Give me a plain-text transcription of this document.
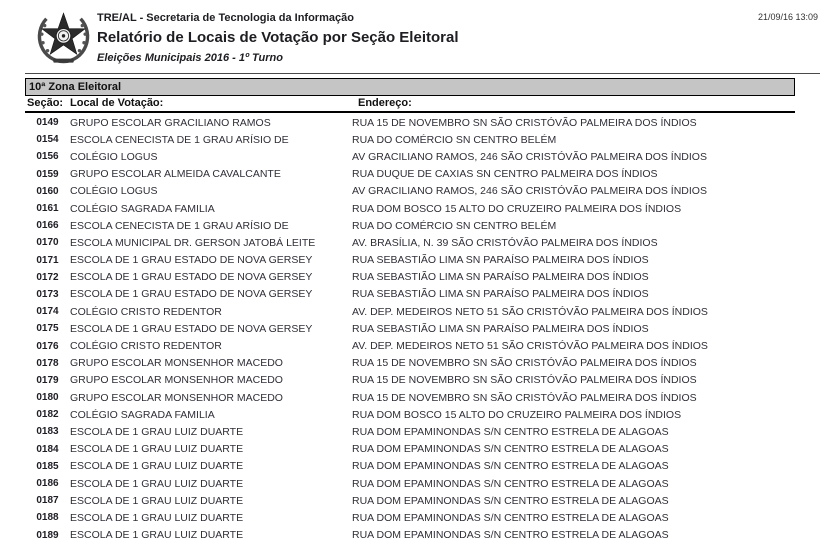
TRE/AL - Secretaria de Tecnologia da Informação
Relatório de Locais de Votação por Seção Eleitoral
Eleições Municipais 2016 - 1º Turno
21/09/16 13:09
10ª Zona Eleitoral
Seção: Local de Votação:	Endereço:
0149	GRUPO ESCOLAR GRACILIANO RAMOS	RUA 15 DE NOVEMBRO SN SÃO CRISTÓVÃO PALMEIRA DOS ÍNDIOS
0154	ESCOLA CENECISTA DE 1 GRAU ARÍSIO DE	RUA DO COMÉRCIO SN CENTRO BELÉM
0156	COLÉGIO LOGUS	AV GRACILIANO RAMOS, 246 SÃO CRISTÓVÃO PALMEIRA DOS ÍNDIOS
0159	GRUPO ESCOLAR ALMEIDA CAVALCANTE	RUA DUQUE DE CAXIAS SN CENTRO PALMEIRA DOS ÍNDIOS
0160	COLÉGIO LOGUS	AV GRACILIANO RAMOS, 246 SÃO CRISTÓVÃO PALMEIRA DOS ÍNDIOS
0161	COLÉGIO SAGRADA FAMILIA	RUA DOM BOSCO 15 ALTO DO CRUZEIRO PALMEIRA DOS ÍNDIOS
0166	ESCOLA CENECISTA DE 1 GRAU ARÍSIO DE	RUA DO COMÉRCIO SN CENTRO BELÉM
0170	ESCOLA MUNICIPAL DR. GERSON JATOBÁ LEITE	AV. BRASÍLIA, N. 39 SÃO CRISTÓVÃO PALMEIRA DOS ÍNDIOS
0171	ESCOLA DE 1 GRAU ESTADO DE NOVA GERSEY	RUA SEBASTIÃO LIMA SN PARAÍSO PALMEIRA DOS ÍNDIOS
0172	ESCOLA DE 1 GRAU ESTADO DE NOVA GERSEY	RUA SEBASTIÃO LIMA SN PARAÍSO PALMEIRA DOS ÍNDIOS
0173	ESCOLA DE 1 GRAU ESTADO DE NOVA GERSEY	RUA SEBASTIÃO LIMA SN PARAÍSO PALMEIRA DOS ÍNDIOS
0174	COLÉGIO CRISTO REDENTOR	AV. DEP. MEDEIROS NETO 51 SÃO CRISTÓVÃO PALMEIRA DOS ÍNDIOS
0175	ESCOLA DE 1 GRAU ESTADO DE NOVA GERSEY	RUA SEBASTIÃO LIMA SN PARAÍSO PALMEIRA DOS ÍNDIOS
0176	COLÉGIO CRISTO REDENTOR	AV. DEP. MEDEIROS NETO 51 SÃO CRISTÓVÃO PALMEIRA DOS ÍNDIOS
0178	GRUPO ESCOLAR MONSENHOR MACEDO	RUA 15 DE NOVEMBRO SN SÃO CRISTÓVÃO PALMEIRA DOS ÍNDIOS
0179	GRUPO ESCOLAR MONSENHOR MACEDO	RUA 15 DE NOVEMBRO SN SÃO CRISTÓVÃO PALMEIRA DOS ÍNDIOS
0180	GRUPO ESCOLAR MONSENHOR MACEDO	RUA 15 DE NOVEMBRO SN SÃO CRISTÓVÃO PALMEIRA DOS ÍNDIOS
0182	COLÉGIO SAGRADA FAMILIA	RUA DOM BOSCO 15 ALTO DO CRUZEIRO PALMEIRA DOS ÍNDIOS
0183	ESCOLA DE 1 GRAU LUIZ DUARTE	RUA DOM EPAMINONDAS S/N CENTRO ESTRELA DE ALAGOAS
0184	ESCOLA DE 1 GRAU LUIZ DUARTE	RUA DOM EPAMINONDAS S/N CENTRO ESTRELA DE ALAGOAS
0185	ESCOLA DE 1 GRAU LUIZ DUARTE	RUA DOM EPAMINONDAS S/N CENTRO ESTRELA DE ALAGOAS
0186	ESCOLA DE 1 GRAU LUIZ DUARTE	RUA DOM EPAMINONDAS S/N CENTRO ESTRELA DE ALAGOAS
0187	ESCOLA DE 1 GRAU LUIZ DUARTE	RUA DOM EPAMINONDAS S/N CENTRO ESTRELA DE ALAGOAS
0188	ESCOLA DE 1 GRAU LUIZ DUARTE	RUA DOM EPAMINONDAS S/N CENTRO ESTRELA DE ALAGOAS
0189	ESCOLA DE 1 GRAU LUIZ DUARTE	RUA DOM EPAMINONDAS S/N CENTRO ESTRELA DE ALAGOAS
